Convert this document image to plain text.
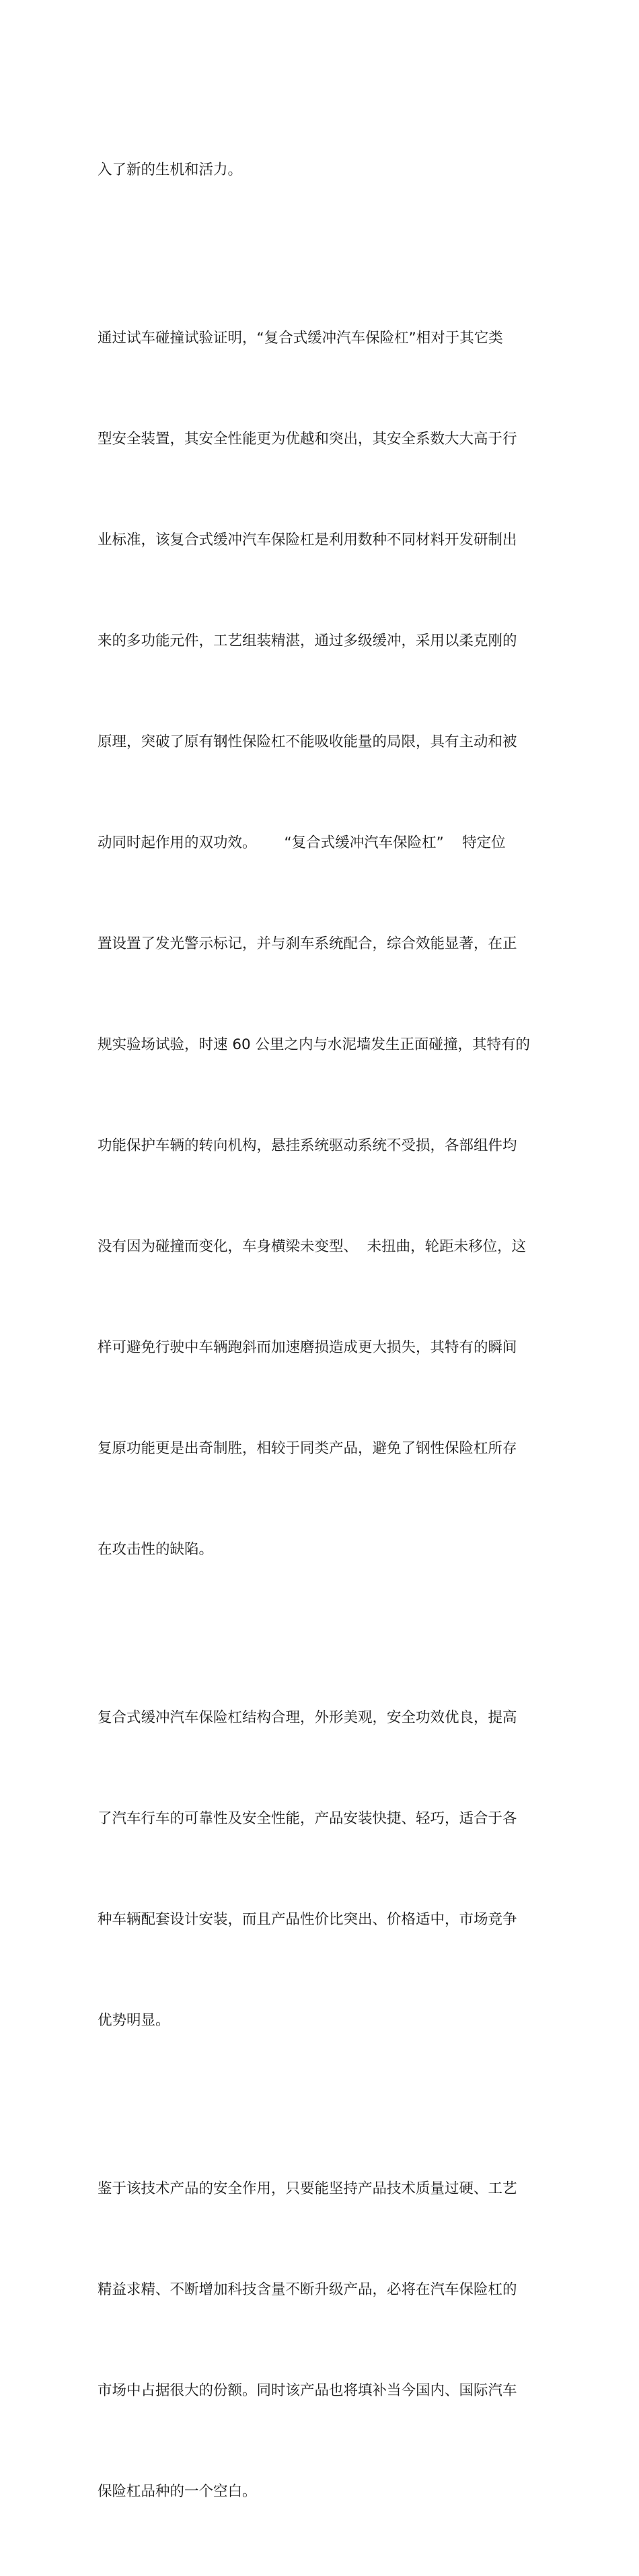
入了新的生机和活力。

通过试车碰撞试验证明，“复合式缓冲汽车保险杠”相对于其它类

型安全装置，其安全性能更为优越和突出，其安全系数大大高于行

业标准，该复合式缓冲汽车保险杠是利用数种不同材料开发研制出

来的多功能元件，工艺组装精湛，通过多级缓冲，采用以柔克刚的

原理，突破了原有钢性保险杠不能吸收能量的局限，具有主动和被

动同时起作用的双功效。      “复合式缓冲汽车保险杠”    特定位

置设置了发光警示标记，并与刹车系统配合，综合效能显著，在正

规实验场试验，时速 60 公里之内与水泥墙发生正面碰撞，其特有的

功能保护车辆的转向机构，悬挂系统驱动系统不受损，各部组件均

没有因为碰撞而变化，车身横梁未变型、  未扭曲，轮距未移位，这

样可避免行驶中车辆跑斜而加速磨损造成更大损失，其特有的瞬间

复原功能更是出奇制胜，相较于同类产品，避免了钢性保险杠所存

在攻击性的缺陷。

复合式缓冲汽车保险杠结构合理，外形美观，安全功效优良，提高

了汽车行车的可靠性及安全性能，产品安装快捷、轻巧，适合于各

种车辆配套设计安装，而且产品性价比突出、价格适中，市场竞争

优势明显。

鉴于该技术产品的安全作用，只要能坚持产品技术质量过硬、工艺

精益求精、不断增加科技含量不断升级产品，必将在汽车保险杠的

市场中占据很大的份额。同时该产品也将填补当今国内、国际汽车

保险杠品种的一个空白。
